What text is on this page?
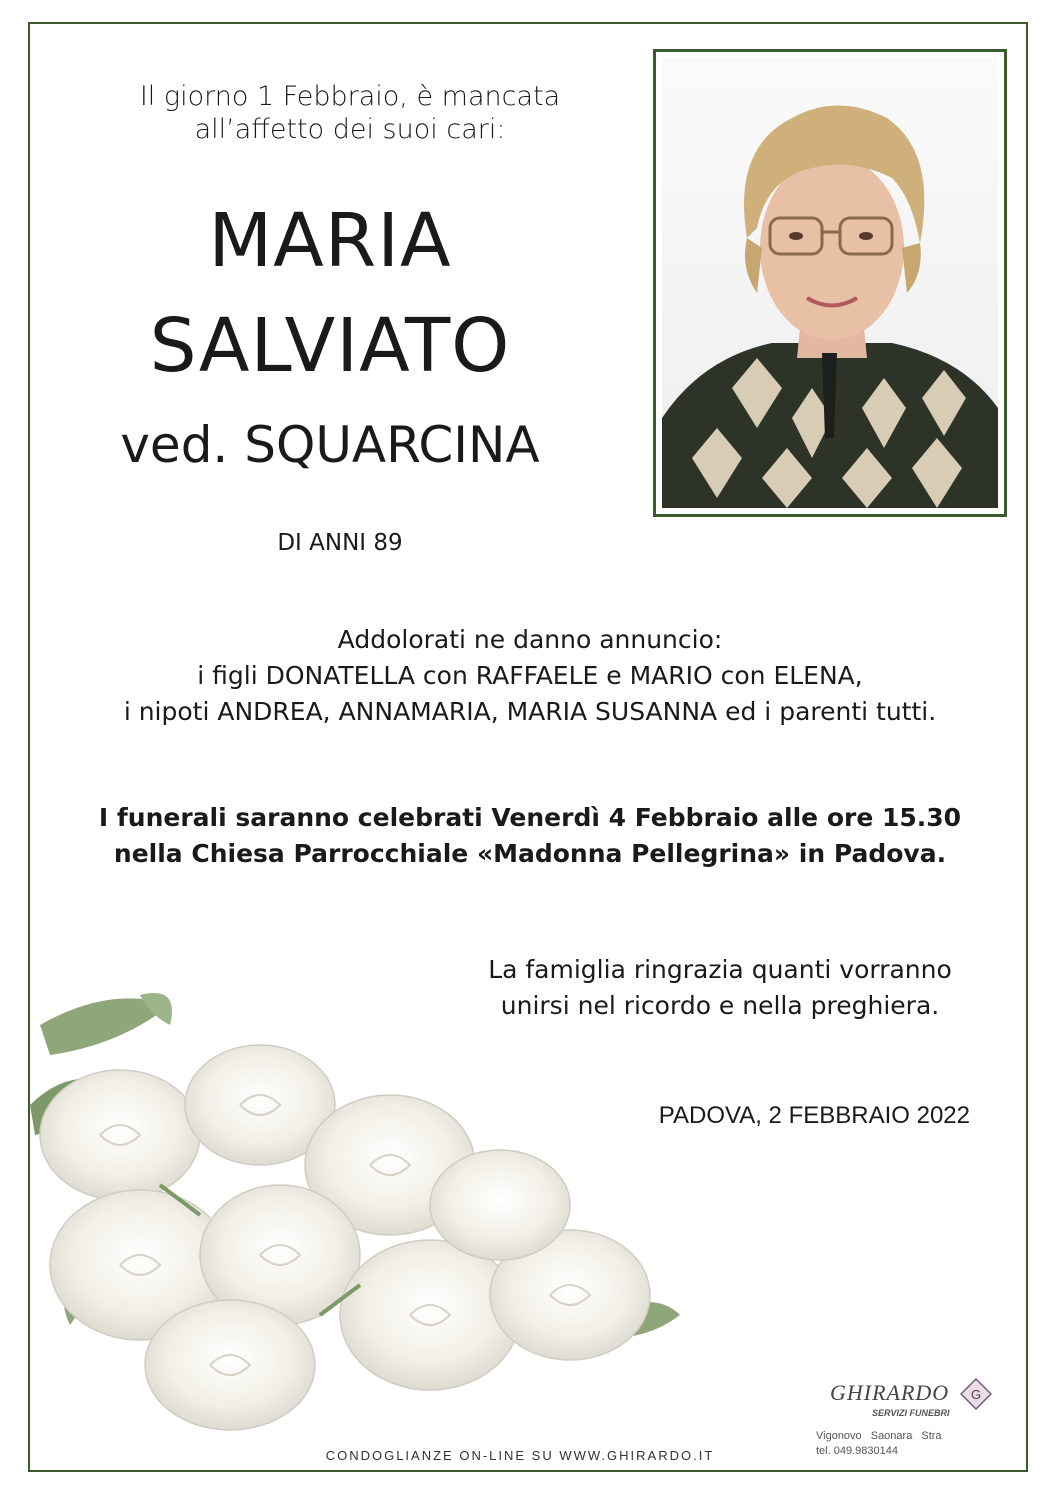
Il giorno 1 Febbraio, è mancata
all’affetto dei suoi cari:
MARIA
SALVIATO
ved. SQUARCINA
DI ANNI 89
Addolorati ne danno annuncio:
i figli DONATELLA con RAFFAELE e MARIO con ELENA,
i nipoti ANDREA, ANNAMARIA, MARIA SUSANNA ed i parenti tutti.
I funerali saranno celebrati Venerdì 4 Febbraio alle ore 15.30
nella Chiesa Parrocchiale «Madonna Pellegrina» in Padova.
La famiglia ringrazia quanti vorranno
unirsi nel ricordo e nella preghiera.
PADOVA, 2 FEBBRAIO 2022
CONDOGLIANZE ON-LINE SU WWW.GHIRARDO.IT
GHIRARDO G
SERVIZI FUNEBRI
Vigonovo Saonara Stra
tel. 049.9830144
